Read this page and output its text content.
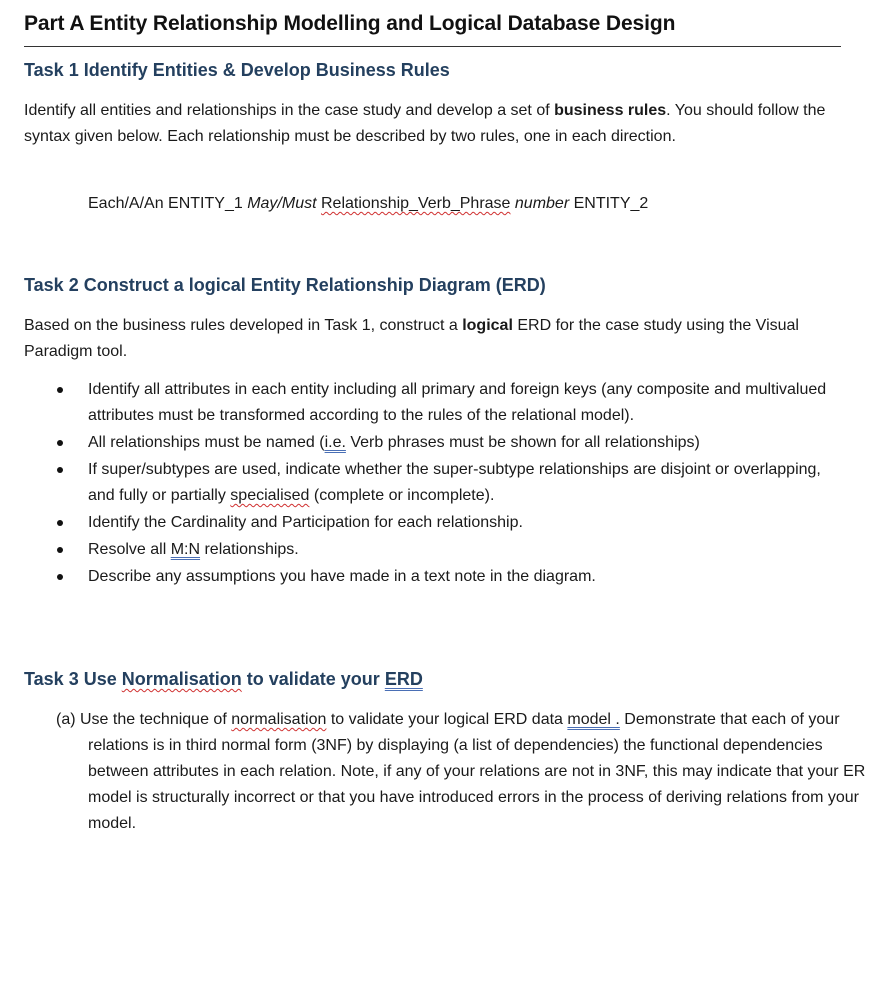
Part A Entity Relationship Modelling and Logical Database Design
Task 1 Identify Entities & Develop Business Rules
Identify all entities and relationships in the case study and develop a set of business rules. You should follow the syntax given below. Each relationship must be described by two rules, one in each direction.
Each/A/An ENTITY_1 May/Must Relationship_Verb_Phrase number ENTITY_2
Task 2 Construct a logical Entity Relationship Diagram (ERD)
Based on the business rules developed in Task 1, construct a logical ERD for the case study using the Visual Paradigm tool.
Identify all attributes in each entity including all primary and foreign keys (any composite and multivalued attributes must be transformed according to the rules of the relational model).
All relationships must be named (i.e. Verb phrases must be shown for all relationships)
If super/subtypes are used, indicate whether the super-subtype relationships are disjoint or overlapping, and fully or partially specialised (complete or incomplete).
Identify the Cardinality and Participation for each relationship.
Resolve all M:N relationships.
Describe any assumptions you have made in a text note in the diagram.
Task 3 Use Normalisation to validate your ERD
(a) Use the technique of normalisation to validate your logical ERD data model . Demonstrate that each of your relations is in third normal form (3NF) by displaying (a list of dependencies) the functional dependencies between attributes in each relation. Note, if any of your relations are not in 3NF, this may indicate that your ER model is structurally incorrect or that you have introduced errors in the process of deriving relations from your model.
